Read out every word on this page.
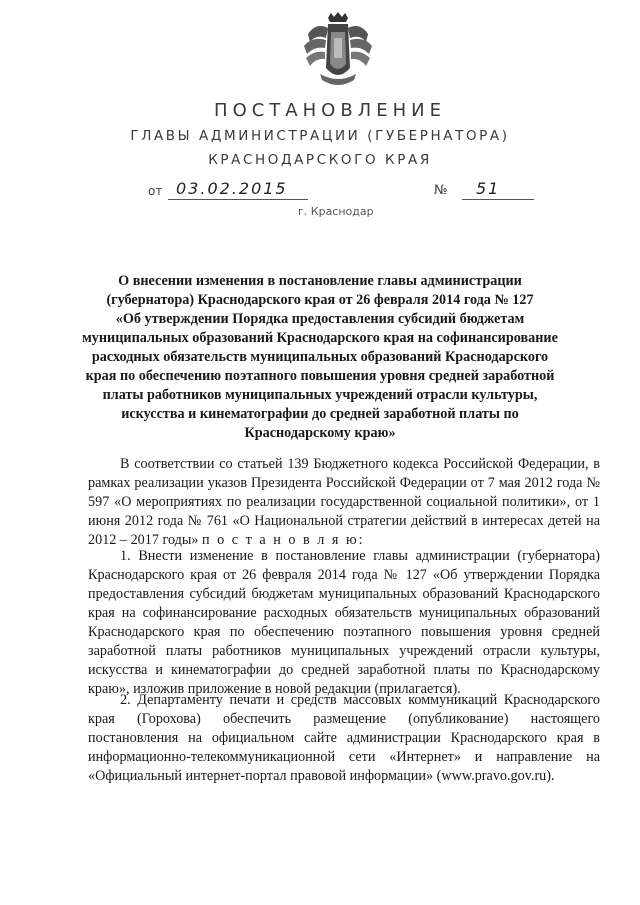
ПОСТАНОВЛЕНИЕ
ГЛАВЫ АДМИНИСТРАЦИИ (ГУБЕРНАТОРА)
КРАСНОДАРСКОГО КРАЯ
от 03.02.2015	№ 51
г. Краснодар
О внесении изменения в постановление главы администрации
(губернатора) Краснодарского края от 26 февраля 2014 года № 127
«Об утверждении Порядка предоставления субсидий бюджетам
муниципальных образований Краснодарского края на софинансирование
расходных обязательств муниципальных образований Краснодарского
края по обеспечению поэтапного повышения уровня средней заработной
платы работников муниципальных учреждений отрасли культуры,
искусства и кинематографии до средней заработной платы по
Краснодарскому краю»

В соответствии со статьей 139 Бюджетного кодекса Российской Федерации, в рамках реализации указов Президента Российской Федерации от 7 мая 2012 года № 597 «О мероприятиях по реализации государственной социальной политики», от 1 июня 2012 года № 761 «О Национальной стратегии действий в интересах детей на 2012 – 2017 годы» п о с т а н о в л я ю:

1. Внести изменение в постановление главы администрации (губернатора) Краснодарского края от 26 февраля 2014 года № 127 «Об утверждении Порядка предоставления субсидий бюджетам муниципальных образований Краснодарского края на софинансирование расходных обязательств муниципальных образований Краснодарского края по обеспечению поэтапного повышения уровня средней заработной платы работников муниципальных учреждений отрасли культуры, искусства и кинематографии до средней заработной платы по Краснодарскому краю», изложив приложение в новой редакции (прилагается).

2. Департаменту печати и средств массовых коммуникаций Краснодарского края (Горохова) обеспечить размещение (опубликование) настоящего постановления на официальном сайте администрации Краснодарского края в информационно-телекоммуникационной сети «Интернет» и направление на «Официальный интернет-портал правовой информации» (www.pravo.gov.ru).
